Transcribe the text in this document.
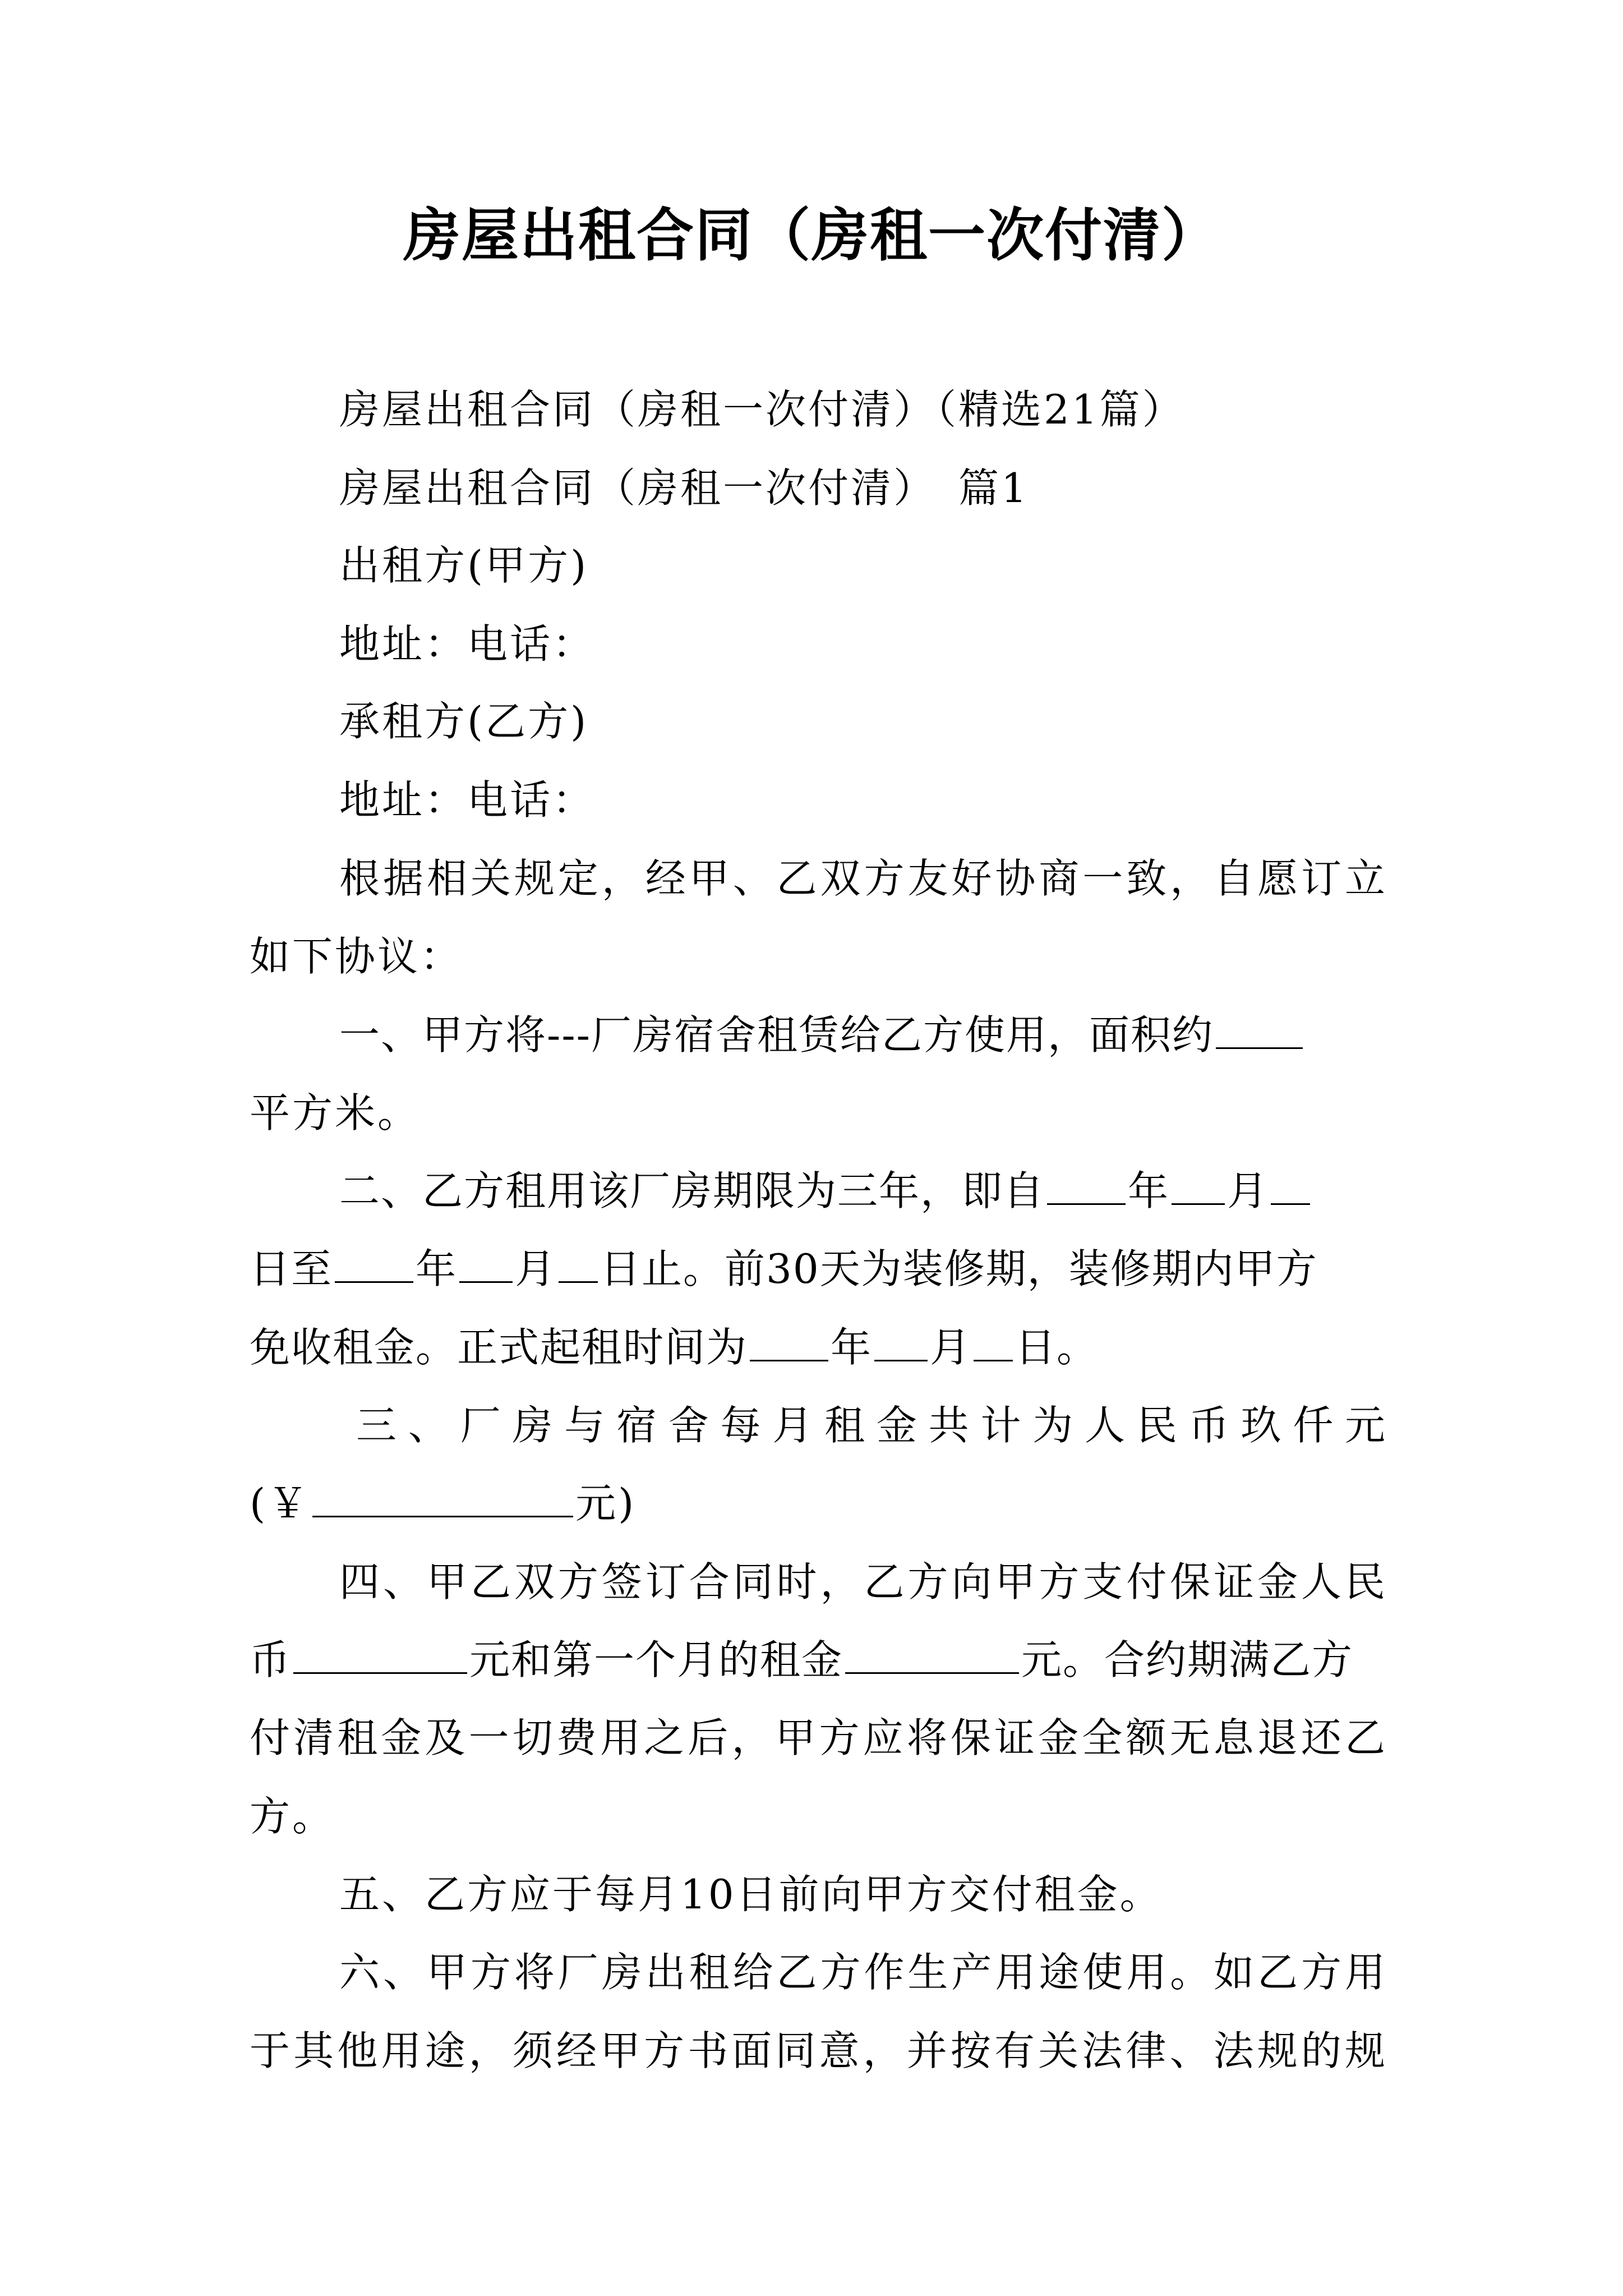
房屋出租合同（房租一次付清）
房屋出租合同（房租一次付清）（精选21篇）
房屋出租合同（房租一次付清）　篇1
出租方(甲方)
地址：电话：
承租方(乙方)
地址：电话：
根据相关规定，经甲、乙双方友好协商一致，自愿订立
如下协议：
一、甲方将---厂房宿舍租赁给乙方使用，面积约
平方米。
二、乙方租用该厂房期限为三年，即自 年 月
日至 年 月 日止。前30天为装修期，装修期内甲方
免收租金。正式起租时间为 年 月 日。
三、厂房与宿舍每月租金共计为人民币玖仟元
(￥	元)
四、甲乙双方签订合同时，乙方向甲方支付保证金人民
币	元和第一个月的租金	元。合约期满乙方
付清租金及一切费用之后，甲方应将保证金全额无息退还乙
方。
五、乙方应于每月10日前向甲方交付租金。
六、甲方将厂房出租给乙方作生产用途使用。如乙方用
于其他用途，须经甲方书面同意，并按有关法律、法规的规
